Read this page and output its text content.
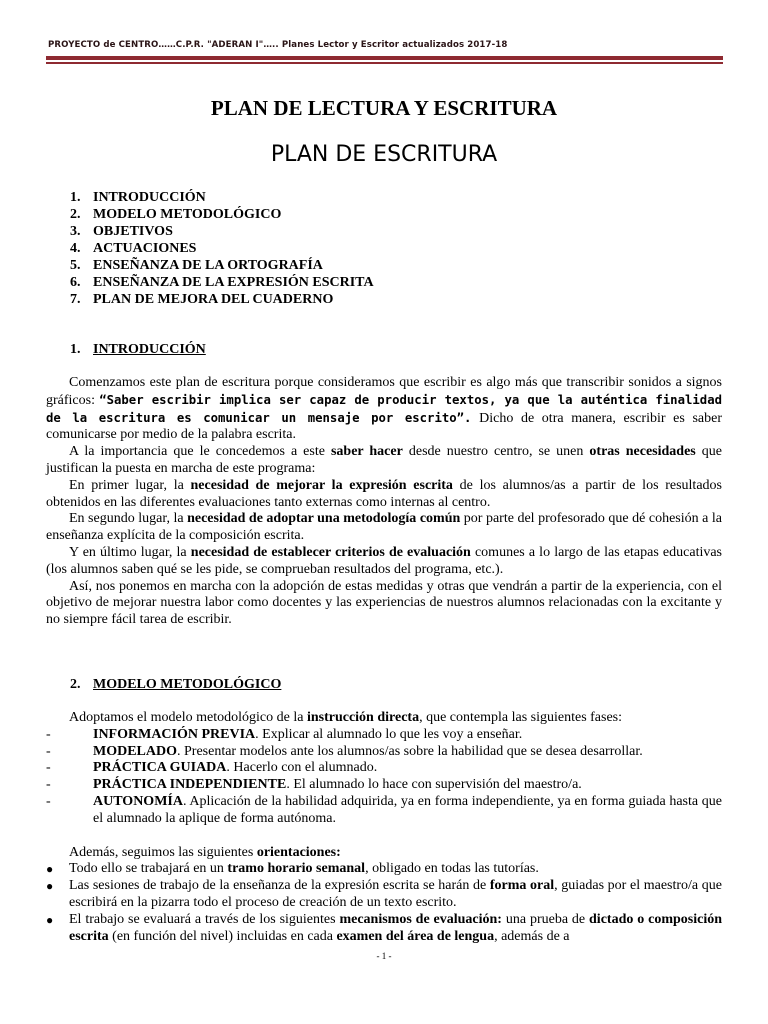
PROYECTO de CENTRO……C.P.R. "ADERAN I"….. Planes Lector y Escritor actualizados 2017-18
PLAN DE LECTURA Y ESCRITURA
PLAN DE ESCRITURA
1. INTRODUCCIÓN
2. MODELO METODOLÓGICO
3. OBJETIVOS
4. ACTUACIONES
5. ENSEÑANZA DE LA ORTOGRAFÍA
6. ENSEÑANZA DE LA EXPRESIÓN ESCRITA
7. PLAN DE MEJORA DEL CUADERNO
1. INTRODUCCIÓN

Comenzamos este plan de escritura porque consideramos que escribir es algo más que transcribir sonidos a signos gráficos: “Saber escribir implica ser capaz de producir textos, ya que la auténtica finalidad de la escritura es comunicar un mensaje por escrito”. Dicho de otra manera, escribir es saber comunicarse por medio de la palabra escrita.

A la importancia que le concedemos a este saber hacer desde nuestro centro, se unen otras necesidades que justifican la puesta en marcha de este programa:

En primer lugar, la necesidad de mejorar la expresión escrita de los alumnos/as a partir de los resultados obtenidos en las diferentes evaluaciones tanto externas como internas al centro.

En segundo lugar, la necesidad de adoptar una metodología común por parte del profesorado que dé cohesión a la enseñanza explícita de la composición escrita.

Y en último lugar, la necesidad de establecer criterios de evaluación comunes a lo largo de las etapas educativas (los alumnos saben qué se les pide, se comprueban resultados del programa, etc.).

Así, nos ponemos en marcha con la adopción de estas medidas y otras que vendrán a partir de la experiencia, con el objetivo de mejorar nuestra labor como docentes y las experiencias de nuestros alumnos relacionadas con la excitante y no siempre fácil tarea de escribir.

2. MODELO METODOLÓGICO

Adoptamos el modelo metodológico de la instrucción directa, que contempla las siguientes fases:

-	INFORMACIÓN PREVIA. Explicar al alumnado lo que les voy a enseñar.
-	MODELADO. Presentar modelos ante los alumnos/as sobre la habilidad que se desea desarrollar.
-	PRÁCTICA GUIADA. Hacerlo con el alumnado.
-	PRÁCTICA INDEPENDIENTE. El alumnado lo hace con supervisión del maestro/a.
-	AUTONOMÍA. Aplicación de la habilidad adquirida, ya en forma independiente, ya en forma guiada hasta que el alumnado la aplique de forma autónoma.

Además, seguimos las siguientes orientaciones:

● Todo ello se trabajará en un tramo horario semanal, obligado en todas las tutorías.
● Las sesiones de trabajo de la enseñanza de la expresión escrita se harán de forma oral, guiadas por el maestro/a que escribirá en la pizarra todo el proceso de creación de un texto escrito.
● El trabajo se evaluará a través de los siguientes mecanismos de evaluación: una prueba de dictado o composición escrita (en función del nivel) incluidas en cada examen del área de lengua, además de a
- 1 -
